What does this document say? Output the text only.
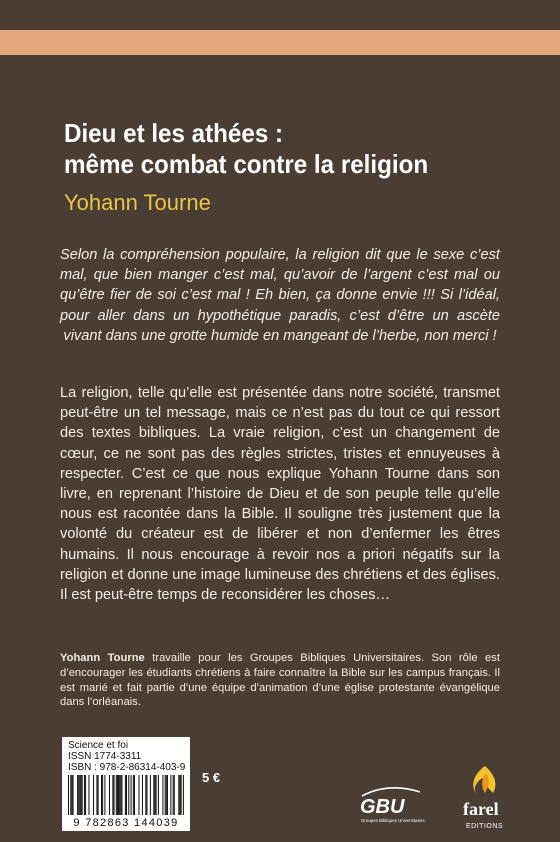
Dieu et les athées :
même combat contre la religion
Yohann Tourne
Selon la compréhension populaire, la religion dit que le sexe c’est mal, que bien manger c’est mal, qu’avoir de l’argent c’est mal ou qu’être fier de soi c’est mal ! Eh bien, ça donne envie !!! Si l’idéal, pour aller dans un hypothétique paradis, c’est d’être un ascète vivant dans une grotte humide en mangeant de l’herbe, non merci !
La religion, telle qu’elle est présentée dans notre société, transmet peut-être un tel message, mais ce n’est pas du tout ce qui ressort des textes bibliques. La vraie religion, c’est un changement de cœur, ce ne sont pas des règles strictes, tristes et ennuyeuses à respecter. C’est ce que nous explique Yohann Tourne dans son livre, en reprenant l’histoire de Dieu et de son peuple telle qu’elle nous est racontée dans la Bible. Il souligne très justement que la volonté du créateur est de libérer et non d’enfermer les êtres humains. Il nous encourage à revoir nos a priori négatifs sur la religion et donne une image lumineuse des chrétiens et des églises. Il est peut-être temps de reconsidérer les choses…
Yohann Tourne travaille pour les Groupes Bibliques Universitaires. Son rôle est d’encourager les étudiants chrétiens à faire connaître la Bible sur les campus français. Il est marié et fait partie d’une équipe d’animation d’une église protestante évangélique dans l’orléanais.
Science et foi
ISSN 1774-3311
ISBN : 978-2-86314-403-9
9 782863 144039
5 €
GBU
Groupes Bibliques Universitaires
farel
EDITIONS
